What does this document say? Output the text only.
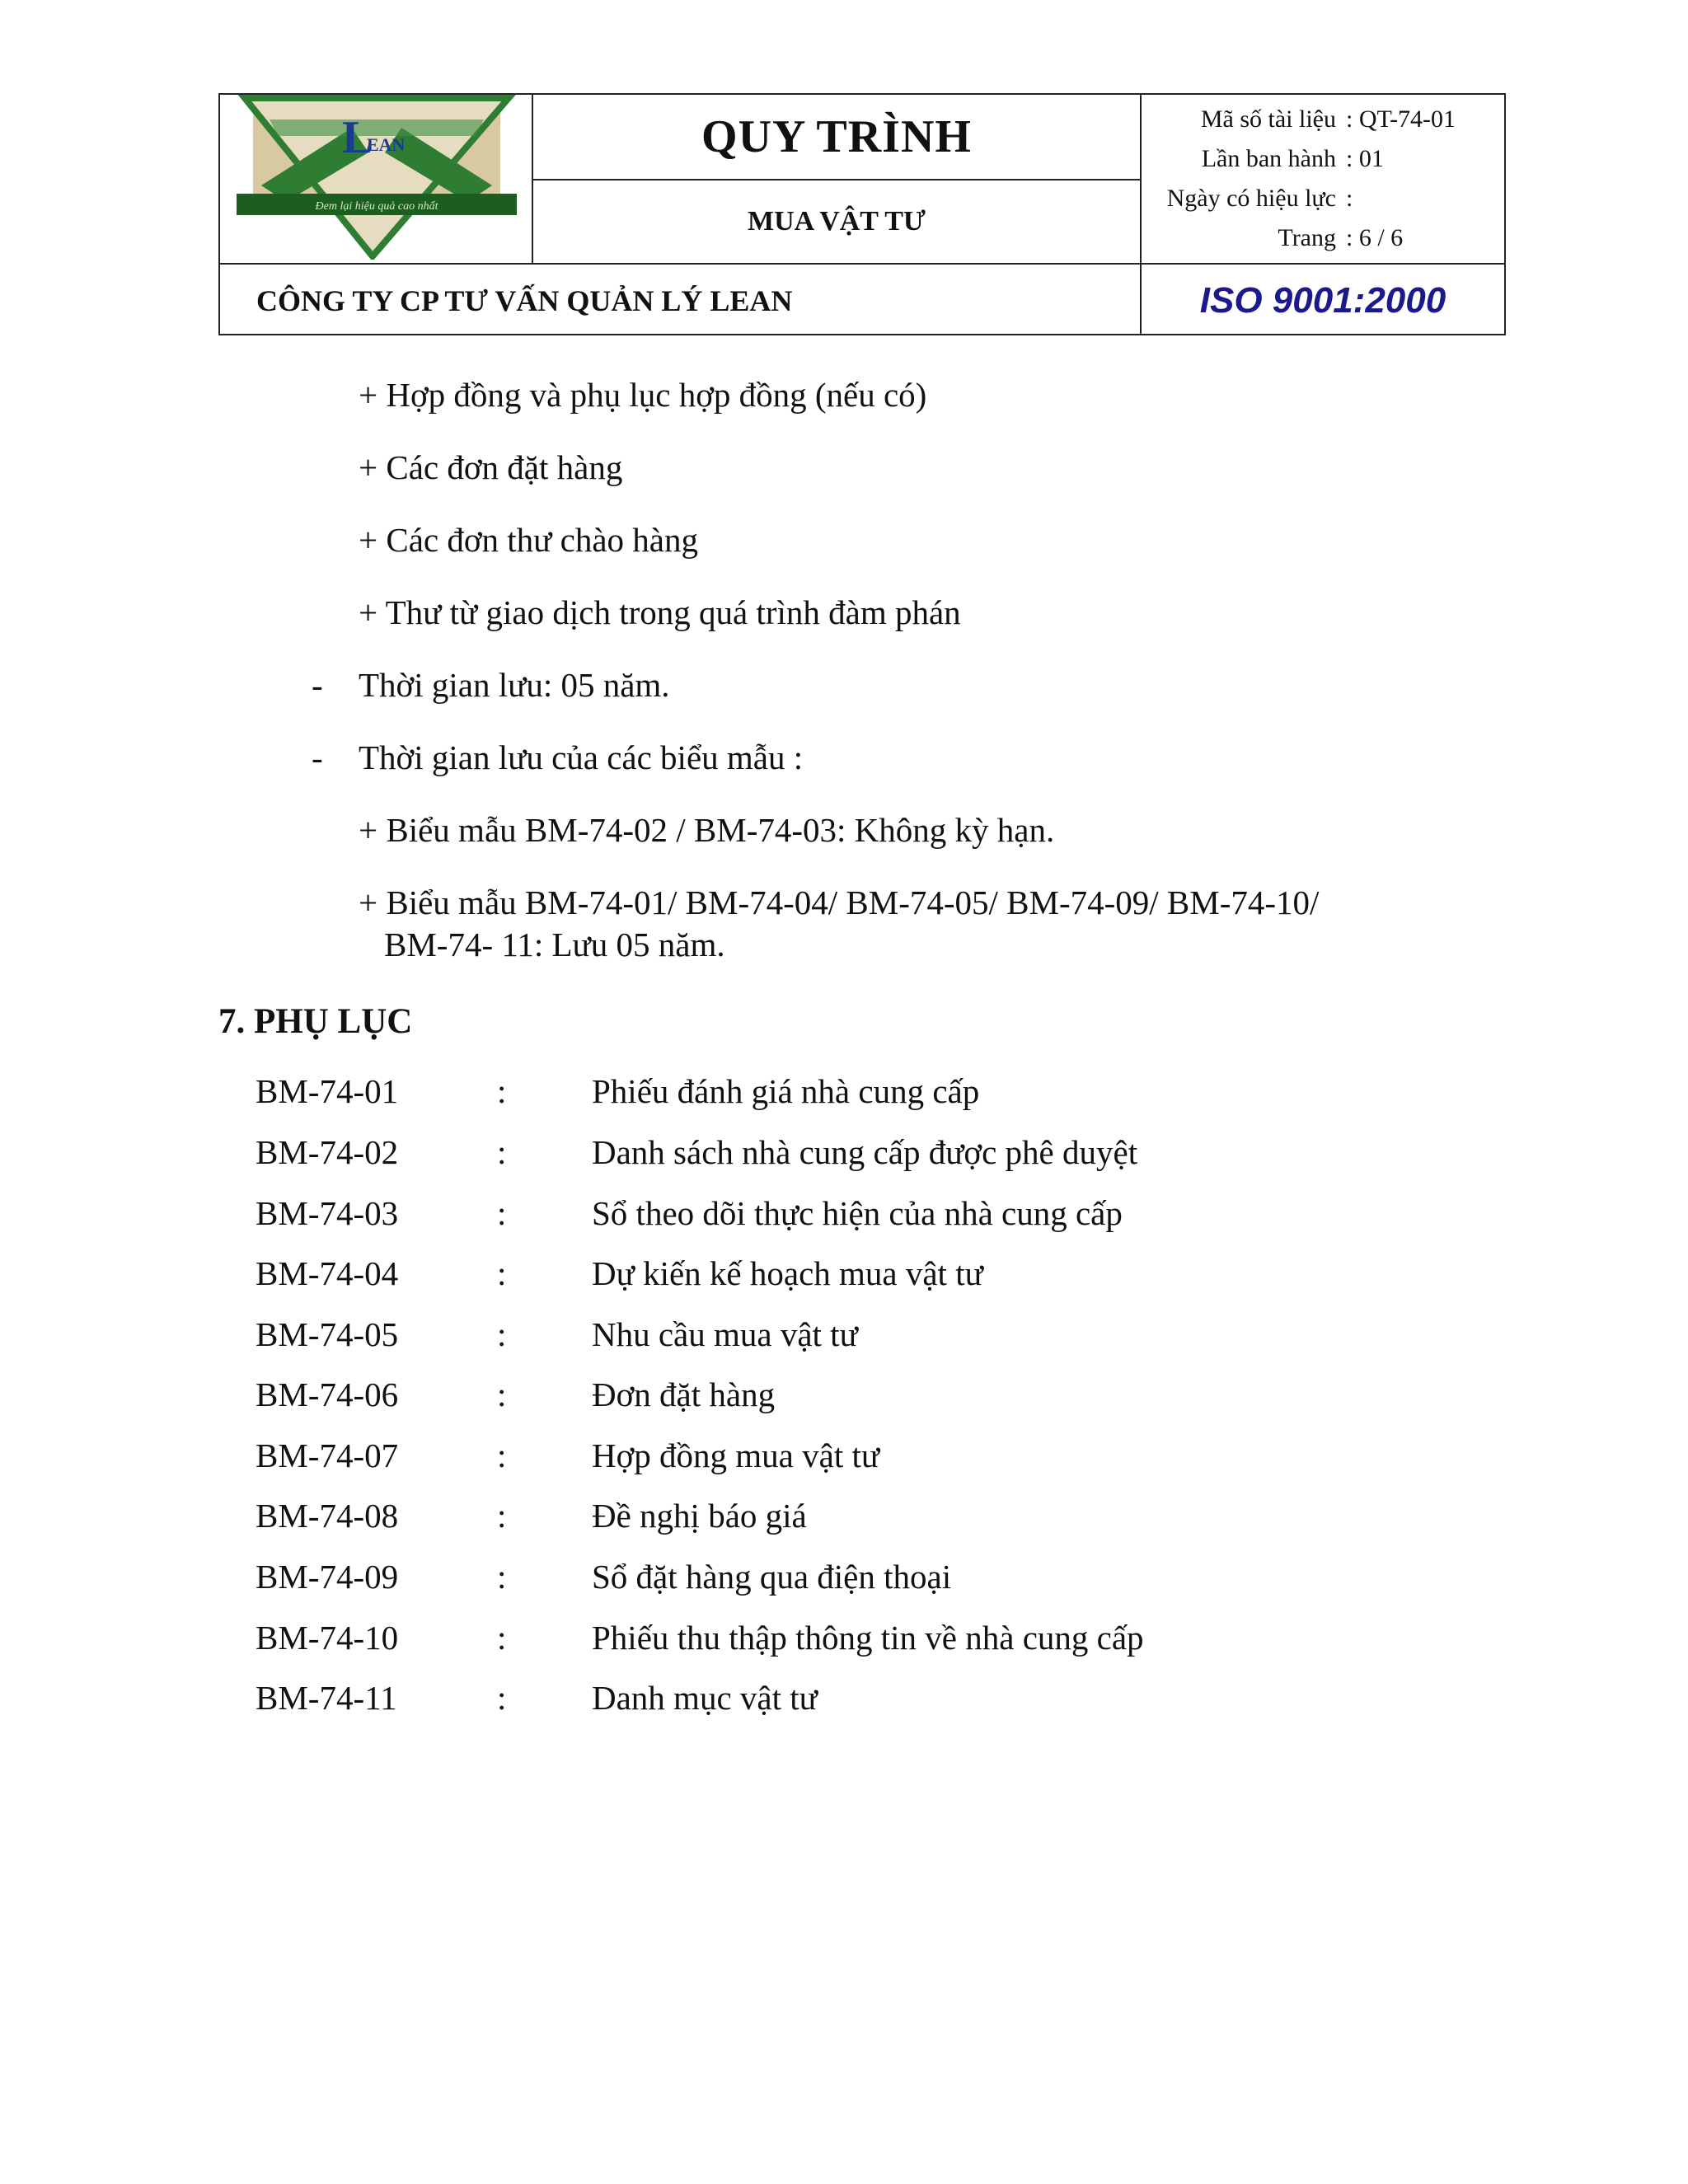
Đem lại hiệu quả cao nhất
L
EAN	QUY TRÌNH
MUA VẬT TƯ
Mã số tài liệu : QT-74-01
Lần ban hành : 01
Ngày có hiệu lực :
Trang : 6 / 6
CÔNG TY CP TƯ VẤN QUẢN LÝ LEAN	ISO 9001:2000
+ Hợp đồng và phụ lục hợp đồng (nếu có)
+ Các đơn đặt hàng
+ Các đơn thư chào hàng
+ Thư từ giao dịch trong quá trình đàm phán
- Thời gian lưu: 05 năm.
- Thời gian lưu của các biểu mẫu :
+ Biểu mẫu BM-74-02 / BM-74-03: Không kỳ hạn.
+ Biểu mẫu BM-74-01/ BM-74-04/ BM-74-05/ BM-74-09/ BM-74-10/
BM-74- 11: Lưu 05 năm.
7. PHỤ LỤC
BM-74-01	:	Phiếu đánh giá nhà cung cấp
BM-74-02	:	Danh sách nhà cung cấp được phê duyệt
BM-74-03	:	Sổ theo dõi thực hiện của nhà cung cấp
BM-74-04	:	Dự kiến kế hoạch mua vật tư
BM-74-05	:	Nhu cầu mua vật tư
BM-74-06	:	Đơn đặt hàng
BM-74-07	:	Hợp đồng mua vật tư
BM-74-08	:	Đề nghị báo giá
BM-74-09	:	Sổ đặt hàng qua điện thoại
BM-74-10	:	Phiếu thu thập thông tin về nhà cung cấp
BM-74-11	:	Danh mục vật tư
